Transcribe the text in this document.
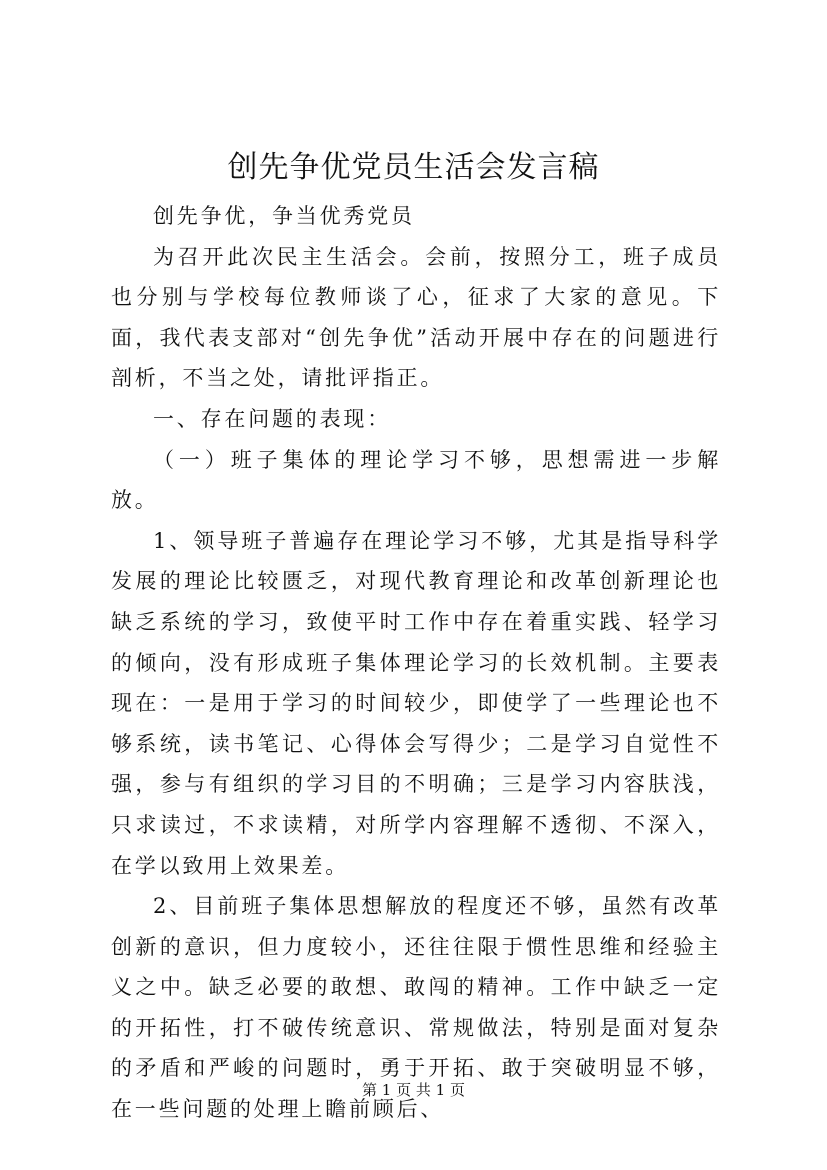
创先争优党员生活会发言稿

创先争优，争当优秀党员

为召开此次民主生活会。会前，按照分工，班子成员也分别与学校每位教师谈了心，征求了大家的意见。下面，我代表支部对“创先争优”活动开展中存在的问题进行剖析，不当之处，请批评指正。

一、存在问题的表现：

（一）班子集体的理论学习不够，思想需进一步解放。

1、领导班子普遍存在理论学习不够，尤其是指导科学发展的理论比较匮乏，对现代教育理论和改革创新理论也缺乏系统的学习，致使平时工作中存在着重实践、轻学习的倾向，没有形成班子集体理论学习的长效机制。主要表现在：一是用于学习的时间较少，即使学了一些理论也不够系统，读书笔记、心得体会写得少；二是学习自觉性不强，参与有组织的学习目的不明确；三是学习内容肤浅，只求读过，不求读精，对所学内容理解不透彻、不深入，在学以致用上效果差。

2、目前班子集体思想解放的程度还不够，虽然有改革创新的意识，但力度较小，还往往限于惯性思维和经验主义之中。缺乏必要的敢想、敢闯的精神。工作中缺乏一定的开拓性，打不破传统意识、常规做法，特别是面对复杂的矛盾和严峻的问题时，勇于开拓、敢于突破明显不够，在一些问题的处理上瞻前顾后、

第 1 页 共 1 页
